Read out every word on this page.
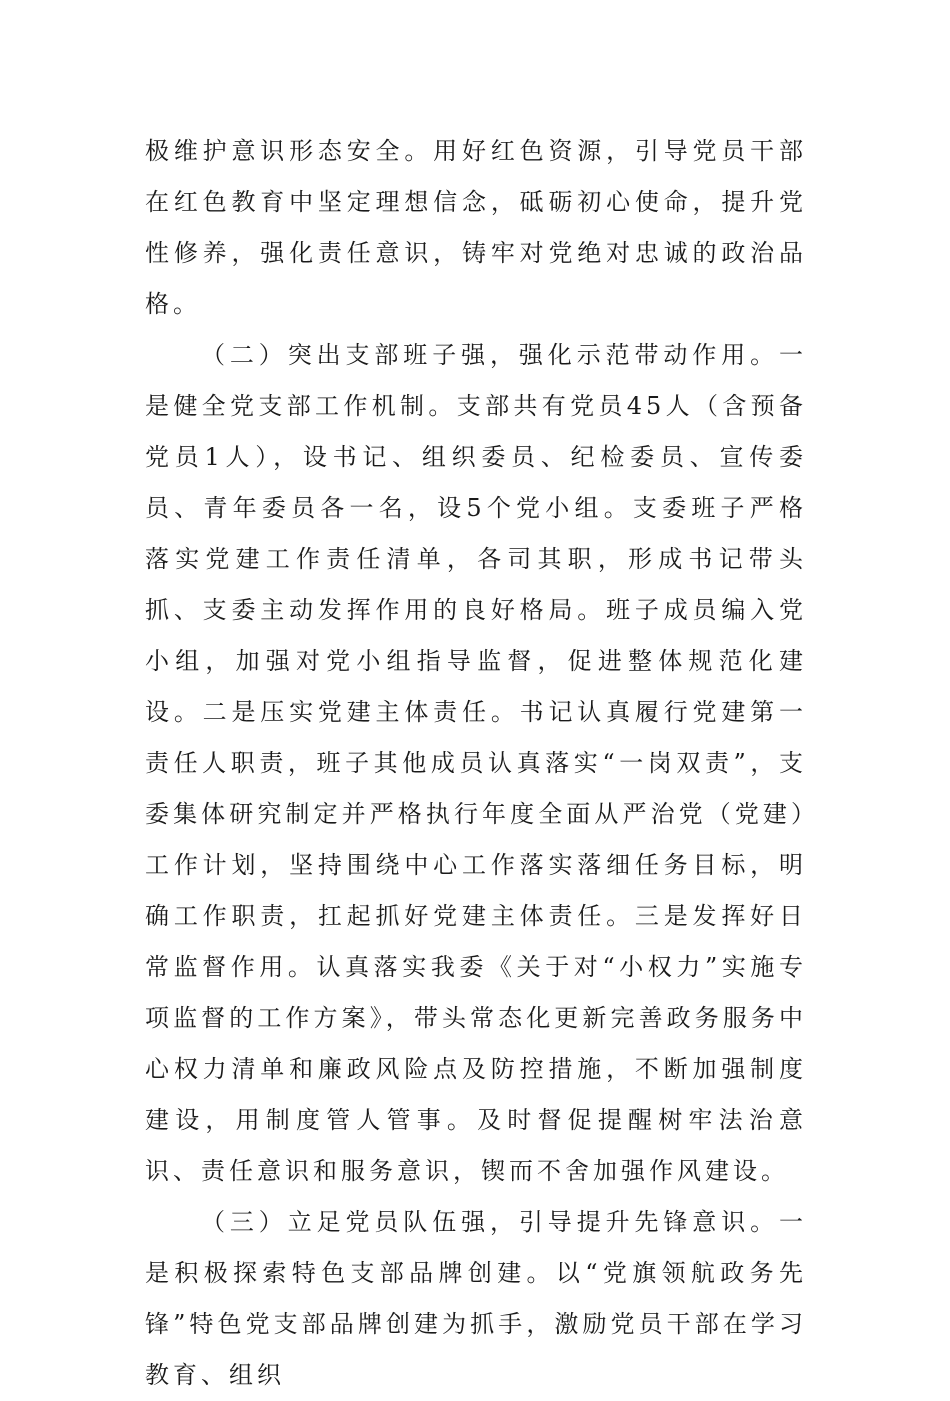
极维护意识形态安全。用好红色资源，引导党员干部在红色教育中坚定理想信念，砥砺初心使命，提升党性修养，强化责任意识，铸牢对党绝对忠诚的政治品格。

（二）突出支部班子强，强化示范带动作用。一是健全党支部工作机制。支部共有党员45人（含预备党员1人），设书记、组织委员、纪检委员、宣传委员、青年委员各一名，设5个党小组。支委班子严格落实党建工作责任清单，各司其职，形成书记带头抓、支委主动发挥作用的良好格局。班子成员编入党小组，加强对党小组指导监督，促进整体规范化建设。二是压实党建主体责任。书记认真履行党建第一责任人职责，班子其他成员认真落实“一岗双责”，支委集体研究制定并严格执行年度全面从严治党（党建）工作计划，坚持围绕中心工作落实落细任务目标，明确工作职责，扛起抓好党建主体责任。三是发挥好日常监督作用。认真落实我委《关于对“小权力”实施专项监督的工作方案》，带头常态化更新完善政务服务中心权力清单和廉政风险点及防控措施，不断加强制度建设，用制度管人管事。及时督促提醒树牢法治意识、责任意识和服务意识，锲而不舍加强作风建设。

（三）立足党员队伍强，引导提升先锋意识。一是积极探索特色支部品牌创建。以“党旗领航政务先锋”特色党支部品牌创建为抓手，激励党员干部在学习教育、组织
